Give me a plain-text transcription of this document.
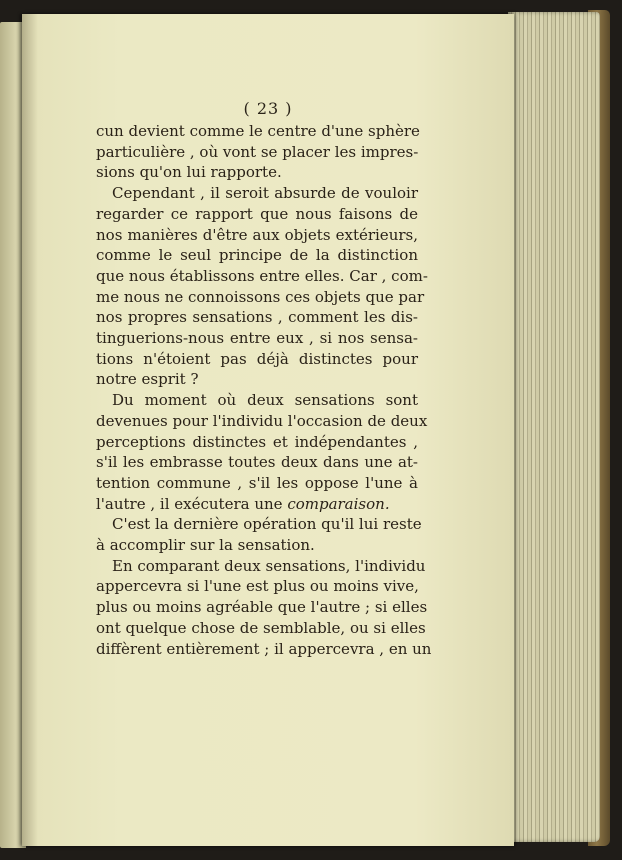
( 23 )
cun devient comme le centre d'une sphère
particulière , où vont se placer les impres-
sions qu'on lui rapporte.
Cependant , il seroit absurde de vouloir
regarder ce rapport que nous faisons de
nos manières d'être aux objets extérieurs,
comme le seul principe de la distinction
que nous établissons entre elles. Car , com-
me nous ne connoissons ces objets que par
nos propres sensations , comment les dis-
tinguerions-nous entre eux , si nos sensa-
tions n'étoient pas déjà distinctes pour
notre esprit ?
Du moment où deux sensations sont
devenues pour l'individu l'occasion de deux
perceptions distinctes et indépendantes ,
s'il les embrasse toutes deux dans une at-
tention commune , s'il les oppose l'une à
l'autre , il exécutera une comparaison.
C'est la dernière opération qu'il lui reste
à accomplir sur la sensation.
En comparant deux sensations, l'individu
appercevra si l'une est plus ou moins vive,
plus ou moins agréable que l'autre ; si elles
ont quelque chose de semblable, ou si elles
diffèrent entièrement ; il appercevra , en un
